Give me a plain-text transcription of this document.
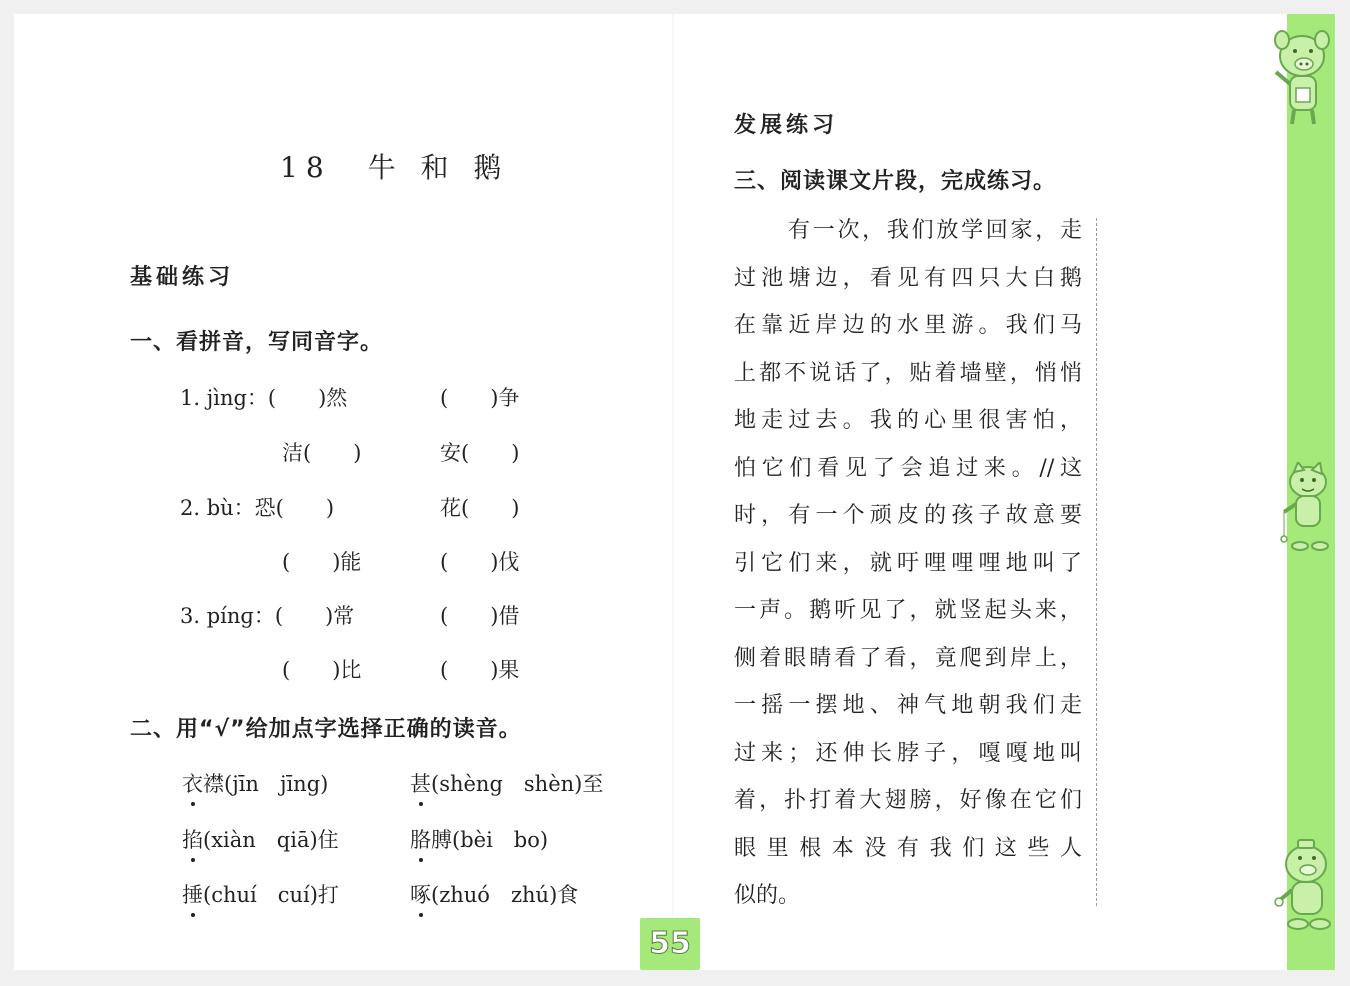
18　牛 和 鹅
基础练习
一、看拼音，写同音字。
1. jìng：(　　)然	(　　)争
洁(　　)	安(　　)
2. bù：恐(　　)	花(　　)
(　　)能	(　　)伐
3. pínɡ：(　　)常	(　　)借
(　　)比	(　　)果
二、用“√”给加点字选择正确的读音。
衣襟(jīn　jīng)	甚(shèng　shèn)至
掐(xiàn　qiā)住	胳膊(bèi　bo)
捶(chuí　cuí)打	啄(zhuó　zhú)食
发展练习
三、阅读课文片段，完成练习。
有一次，我们放学回家，走
过池塘边，看见有四只大白鹅
在靠近岸边的水里游。我们马
上都不说话了，贴着墙壁，悄悄
地走过去。我的心里很害怕，
怕它们看见了会追过来。//这
时，有一个顽皮的孩子故意要
引它们来，就吁哩哩哩地叫了
一声。鹅听见了，就竖起头来，
侧着眼睛看了看，竟爬到岸上，
一摇一摆地、神气地朝我们走
过来；还伸长脖子，嘎嘎地叫
着，扑打着大翅膀，好像在它们
眼里根本没有我们这些人
似的。
55
